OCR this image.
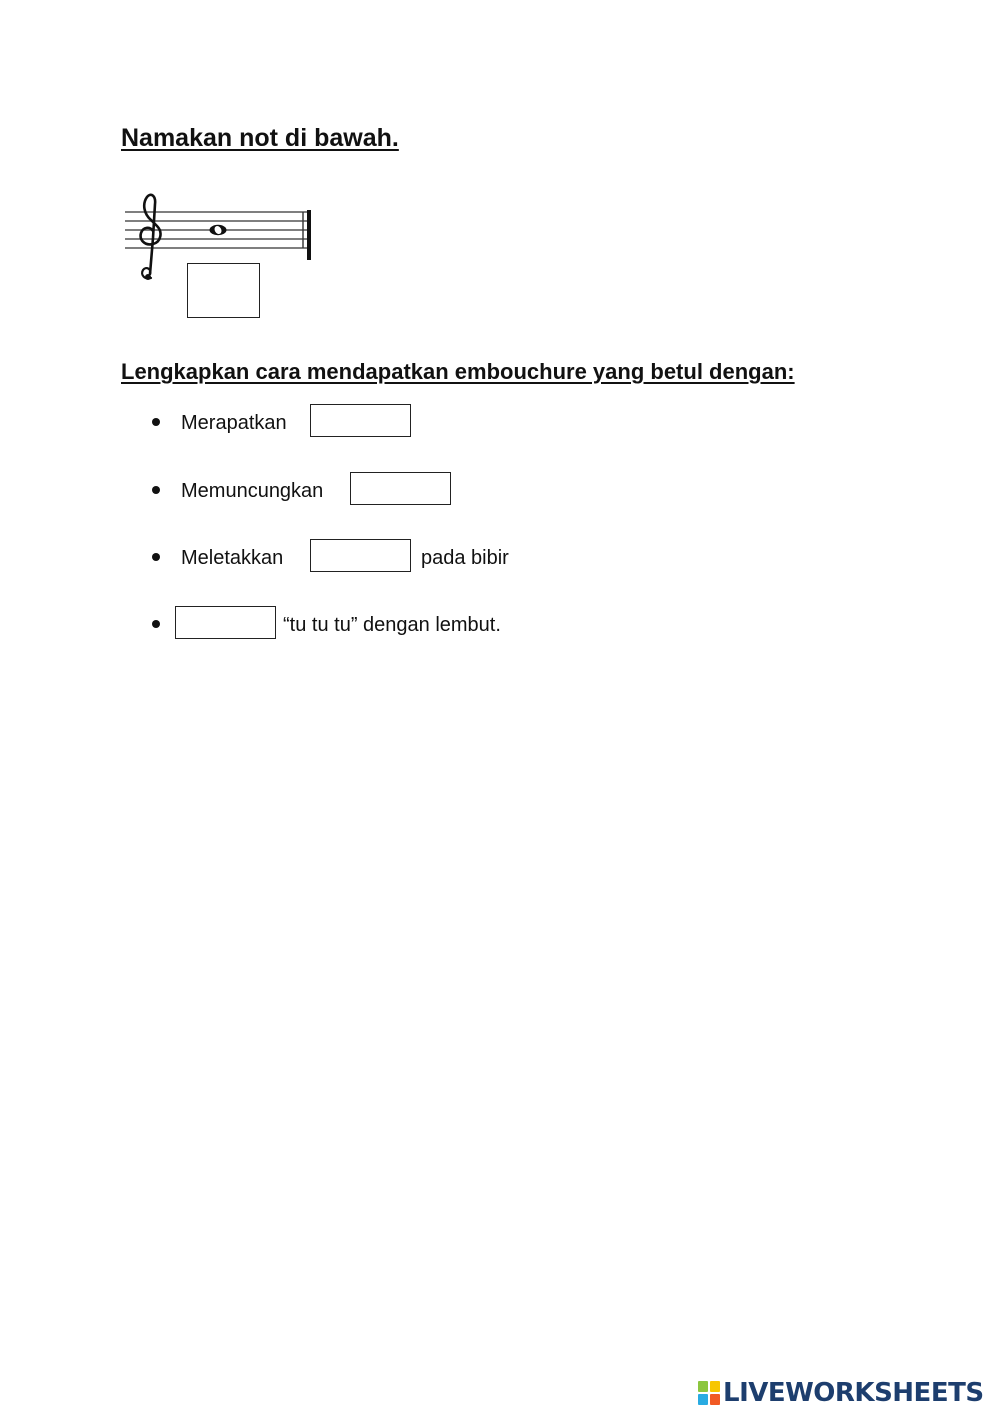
Namakan not di bawah.
Lengkapkan cara mendapatkan embouchure yang betul dengan:
Merapatkan
Memuncungkan
Meletakkan	pada bibir
“tu tu tu” dengan lembut.
LIVEWORKSHEETS
